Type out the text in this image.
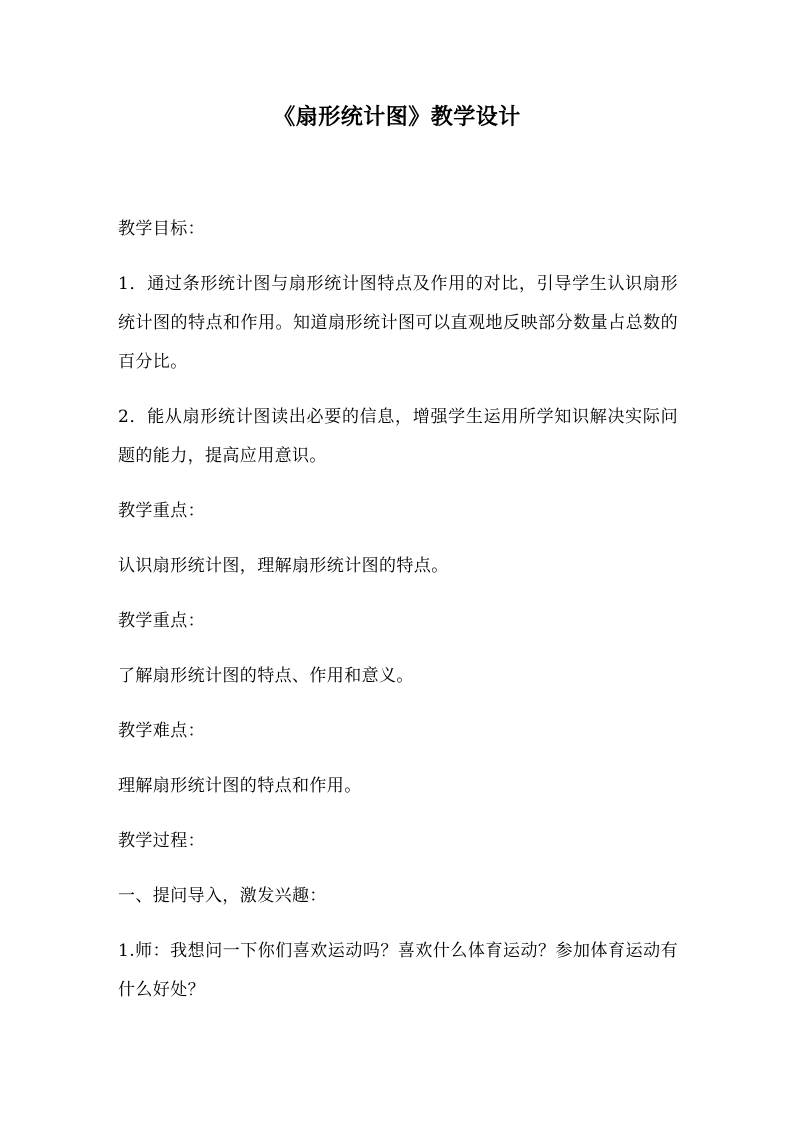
《扇形统计图》教学设计

教学目标：

1．通过条形统计图与扇形统计图特点及作用的对比，引导学生认识扇形统计图的特点和作用。知道扇形统计图可以直观地反映部分数量占总数的百分比。

2．能从扇形统计图读出必要的信息，增强学生运用所学知识解决实际问题的能力，提高应用意识。

教学重点：

认识扇形统计图，理解扇形统计图的特点。

教学重点：

了解扇形统计图的特点、作用和意义。

教学难点：

理解扇形统计图的特点和作用。

教学过程：

一、提问导入，激发兴趣：

1.师：我想问一下你们喜欢运动吗？喜欢什么体育运动？参加体育运动有什么好处？
